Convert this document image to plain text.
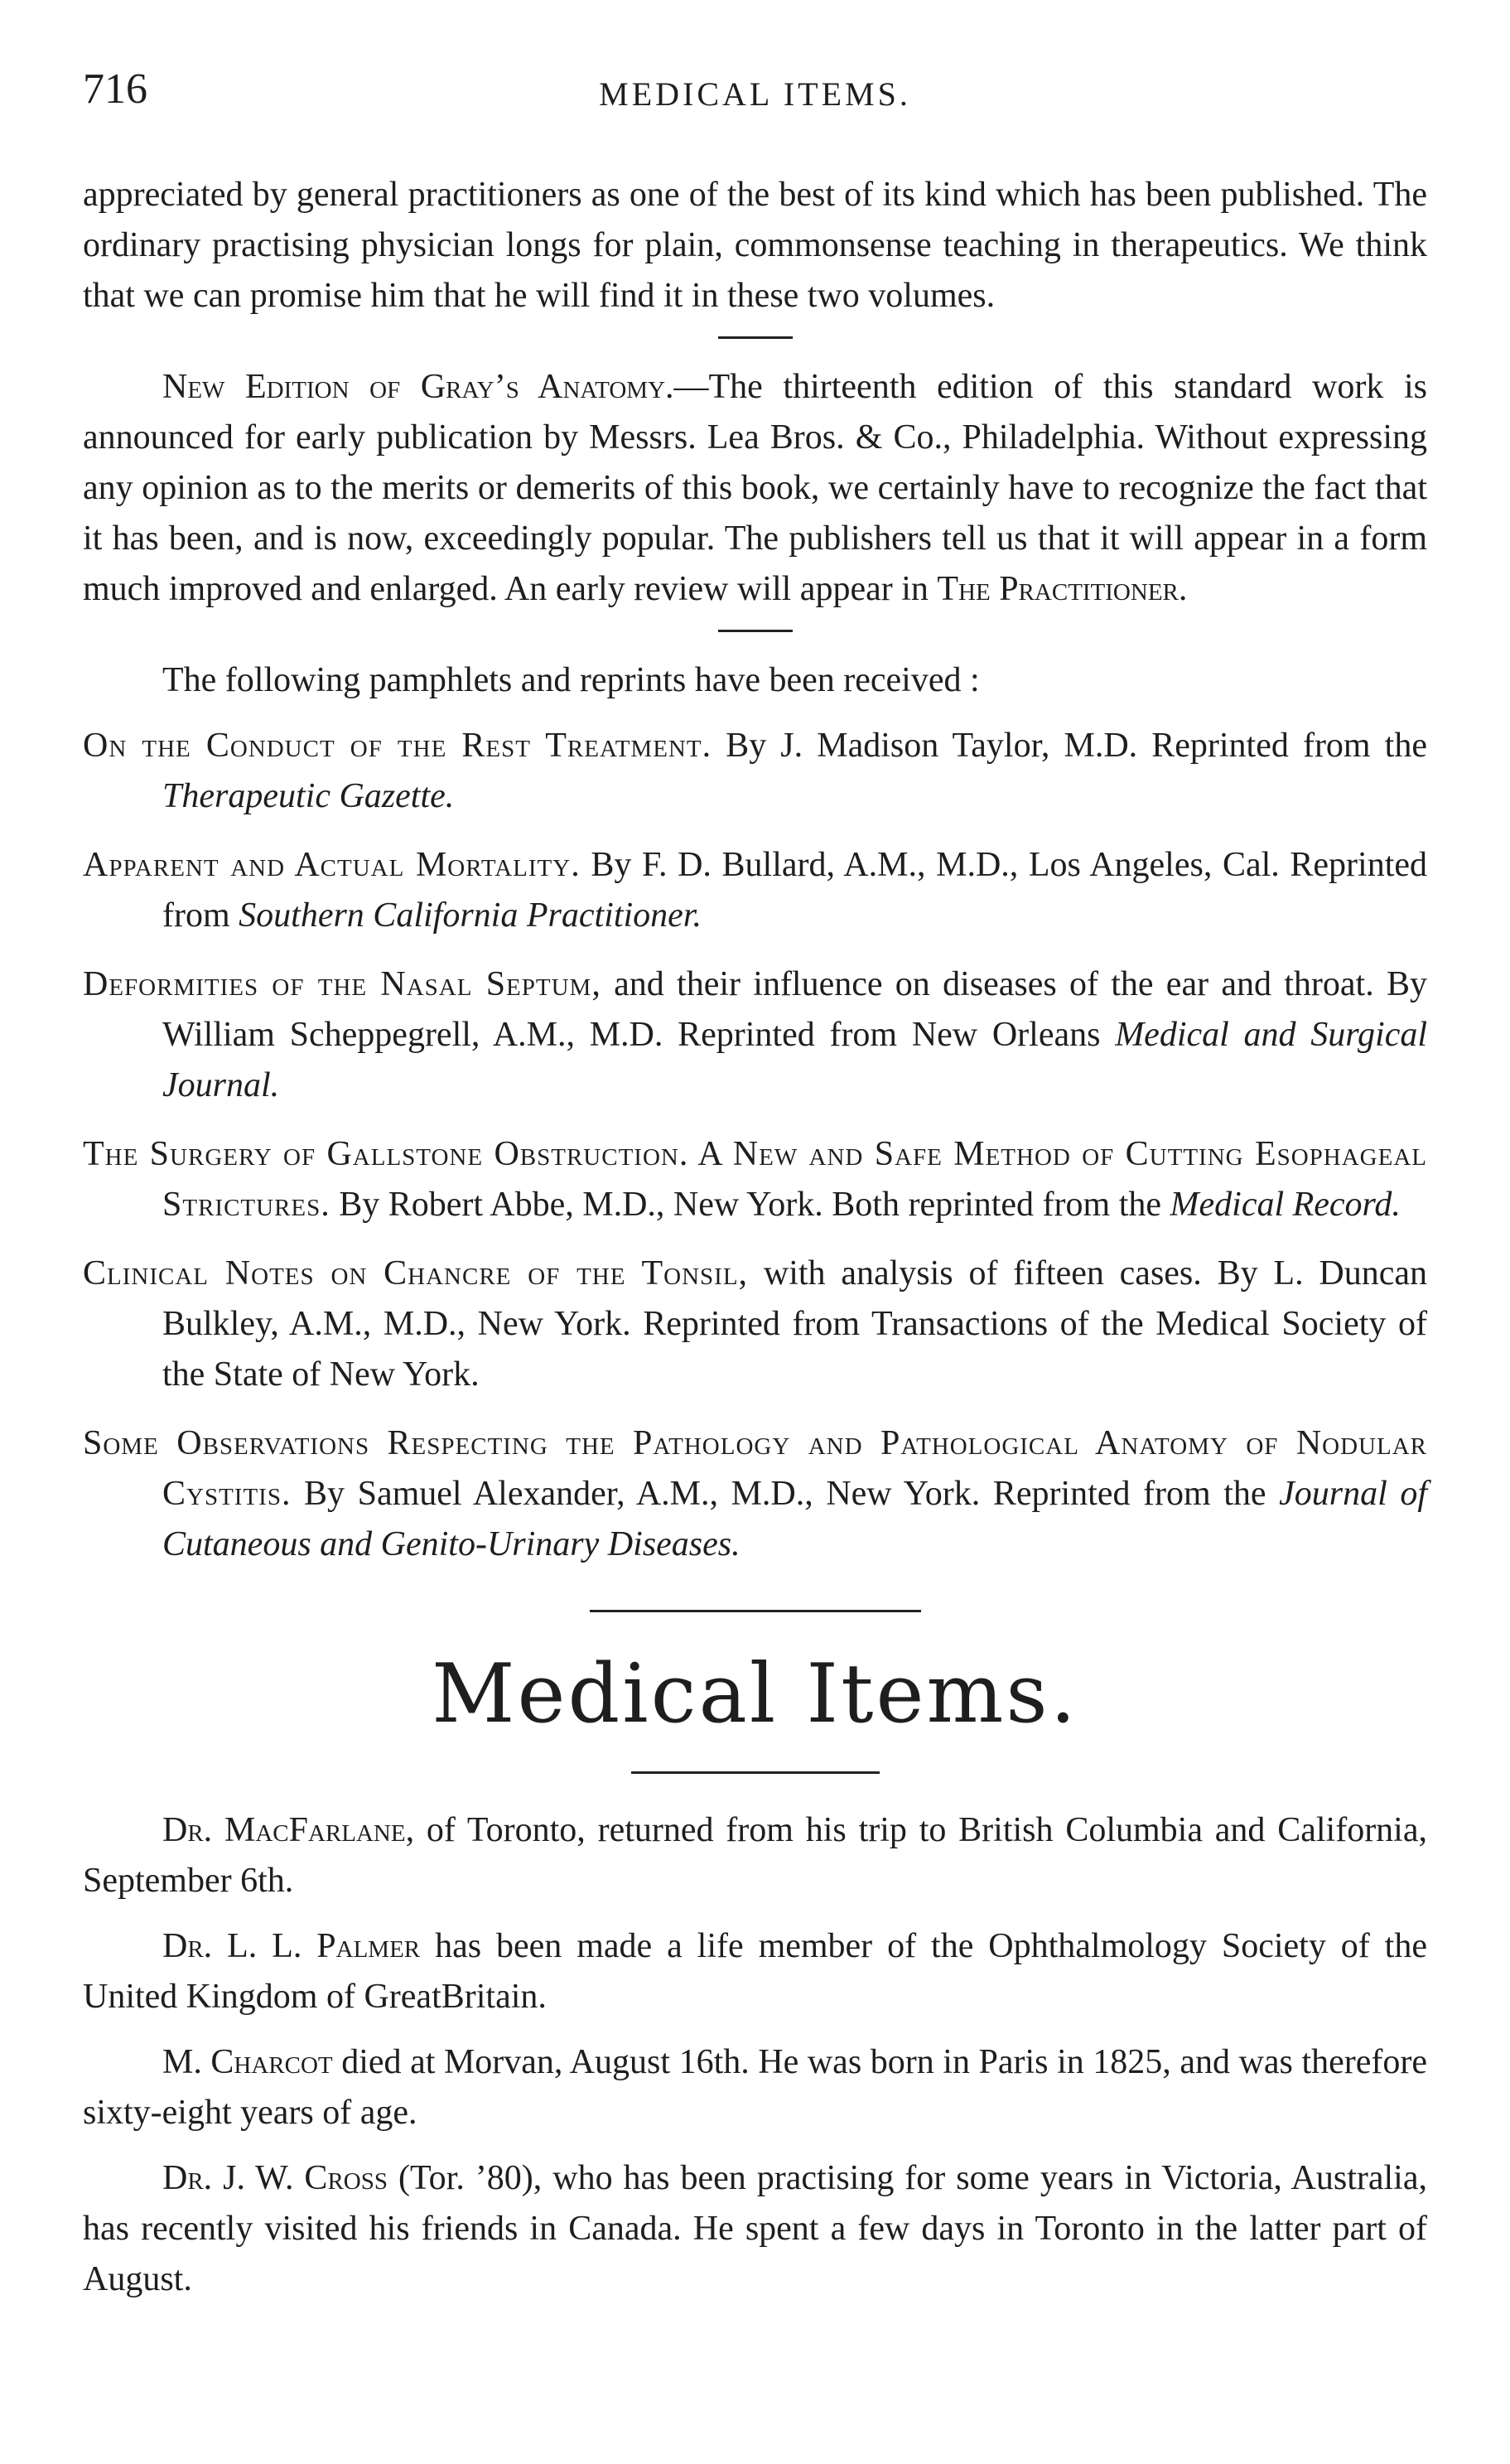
716	MEDICAL ITEMS.

appreciated by general practitioners as one of the best of its kind which has been published. The ordinary practising physician longs for plain, commonsense teaching in therapeutics. We think that we can promise him that he will find it in these two volumes.

New Edition of Gray’s Anatomy.—The thirteenth edition of this standard work is announced for early publication by Messrs. Lea Bros. & Co., Philadelphia. Without expressing any opinion as to the merits or demerits of this book, we certainly have to recognize the fact that it has been, and is now, exceedingly popular. The publishers tell us that it will appear in a form much improved and enlarged. An early review will appear in The Practitioner.

The following pamphlets and reprints have been received :

On the Conduct of the Rest Treatment. By J. Madison Taylor, M.D. Reprinted from the Therapeutic Gazette.

Apparent and Actual Mortality. By F. D. Bullard, A.M., M.D., Los Angeles, Cal. Reprinted from Southern California Practitioner.

Deformities of the Nasal Septum, and their influence on diseases of the ear and throat. By William Scheppegrell, A.M., M.D. Reprinted from New Orleans Medical and Surgical Journal.

The Surgery of Gallstone Obstruction. A New and Safe Method of Cutting Esophageal Strictures. By Robert Abbe, M.D., New York. Both reprinted from the Medical Record.

Clinical Notes on Chancre of the Tonsil, with analysis of fifteen cases. By L. Duncan Bulkley, A.M., M.D., New York. Reprinted from Transactions of the Medical Society of the State of New York.

Some Observations Respecting the Pathology and Pathological Anatomy of Nodular Cystitis. By Samuel Alexander, A.M., M.D., New York. Reprinted from the Journal of Cutaneous and Genito-Urinary Diseases.

Medical Items.

Dr. MacFarlane, of Toronto, returned from his trip to British Columbia and California, September 6th.

Dr. L. L. Palmer has been made a life member of the Ophthalmology Society of the United Kingdom of GreatBritain.

M. Charcot died at Morvan, August 16th. He was born in Paris in 1825, and was therefore sixty-eight years of age.

Dr. J. W. Cross (Tor. ’80), who has been practising for some years in Victoria, Australia, has recently visited his friends in Canada. He spent a few days in Toronto in the latter part of August.
